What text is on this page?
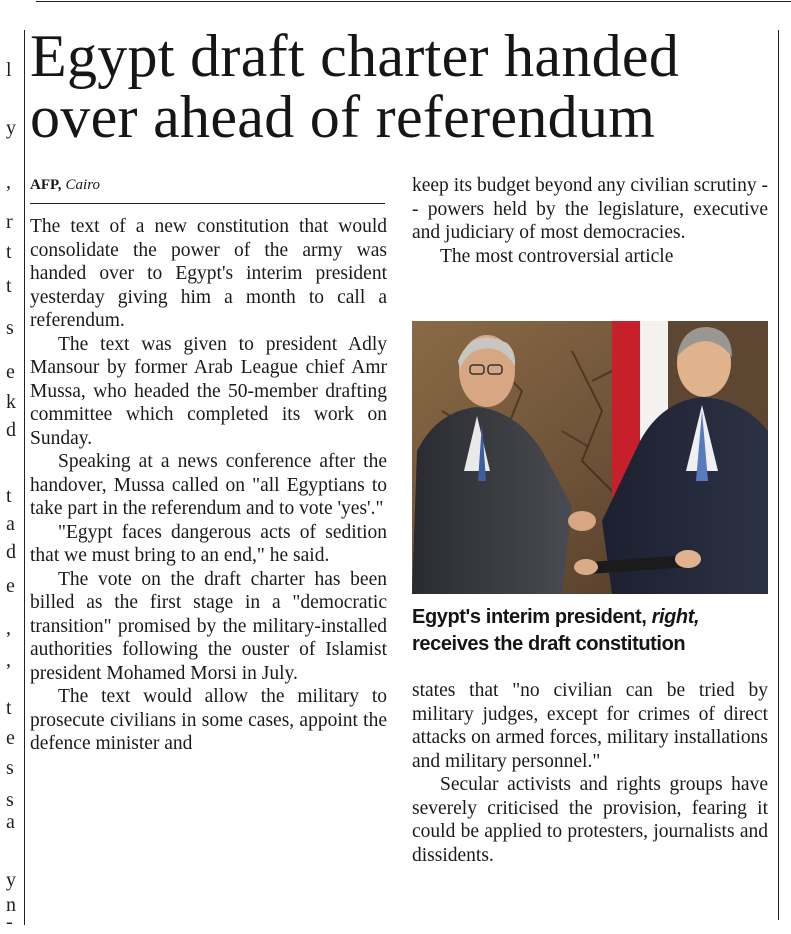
l
y
,
r
t
t
s
e
k
d
t
a
d
e
,
,
t
e
s
s
a
y
n
-
Egypt draft charter handed over ahead of referendum
AFP, Cairo

The text of a new constitution that would consolidate the power of the army was handed over to Egypt's interim president yesterday giving him a month to call a referendum.

The text was given to president Adly Mansour by former Arab League chief Amr Mussa, who headed the 50-member drafting committee which completed its work on Sunday.

Speaking at a news conference after the handover, Mussa called on "all Egyptians to take part in the referendum and to vote 'yes'."

"Egypt faces dangerous acts of sedition that we must bring to an end," he said.

The vote on the draft charter has been billed as the first stage in a "democratic transition" promised by the military-installed authorities following the ouster of Islamist president Mohamed Morsi in July.

The text would allow the military to prosecute civilians in some cases, appoint the defence minister and

keep its budget beyond any civilian scrutiny -- powers held by the legislature, executive and judiciary of most democracies.

The most controversial article

Egypt's interim president, right, receives the draft constitution

states that "no civilian can be tried by military judges, except for crimes of direct attacks on armed forces, military installations and military personnel."

Secular activists and rights groups have severely criticised the provision, fearing it could be applied to protesters, journalists and dissidents.
